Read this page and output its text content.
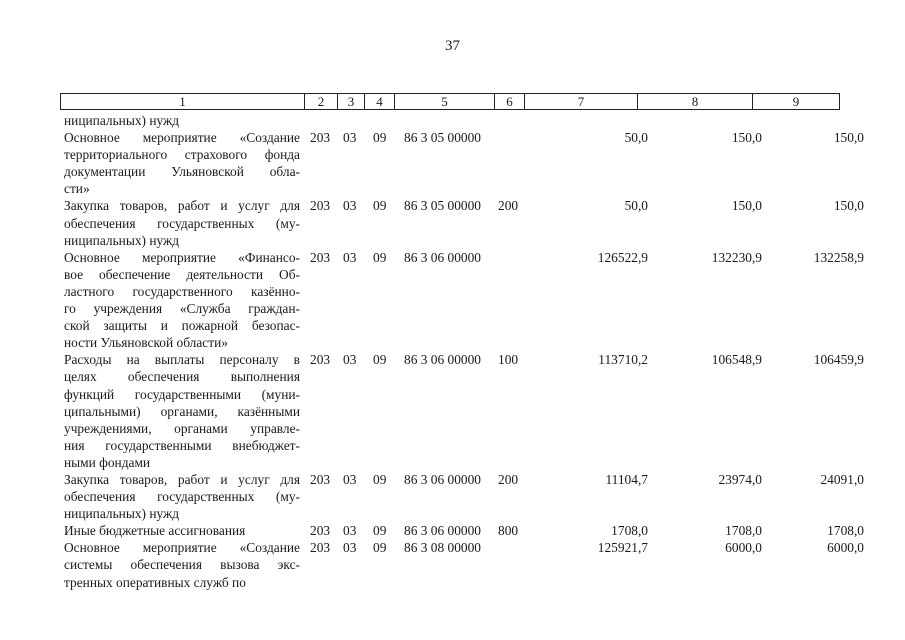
37
1	2	3	4	5	6	7	8	9
ниципальных) нужд
Основное мероприятие «Создание
территориального страхового фонда
документации Ульяновской обла-
сти»
203 03 09 86 3 05 00000	50,0	150,0	150,0
Закупка товаров, работ и услуг для
обеспечения государственных (му-
ниципальных) нужд
203 03 09 86 3 05 00000 200	50,0	150,0	150,0
Основное мероприятие «Финансо-
вое обеспечение деятельности Об-
ластного государственного казённо-
го учреждения «Служба граждан-
ской защиты и пожарной безопас-
ности Ульяновской области»
203 03 09 86 3 06 00000	126522,9	132230,9	132258,9
Расходы на выплаты персоналу в
целях обеспечения выполнения
функций государственными (муни-
ципальными) органами, казёнными
учреждениями, органами управле-
ния государственными внебюджет-
ными фондами
203 03 09 86 3 06 00000 100	113710,2	106548,9	106459,9
Закупка товаров, работ и услуг для
обеспечения государственных (му-
ниципальных) нужд
203 03 09 86 3 06 00000 200	11104,7	23974,0	24091,0
Иные бюджетные ассигнования	203 03 09 86 3 06 00000 800	1708,0	1708,0	1708,0
Основное мероприятие «Создание
системы обеспечения вызова экс-
тренных оперативных служб по
203 03 09 86 3 08 00000	125921,7	6000,0	6000,0
